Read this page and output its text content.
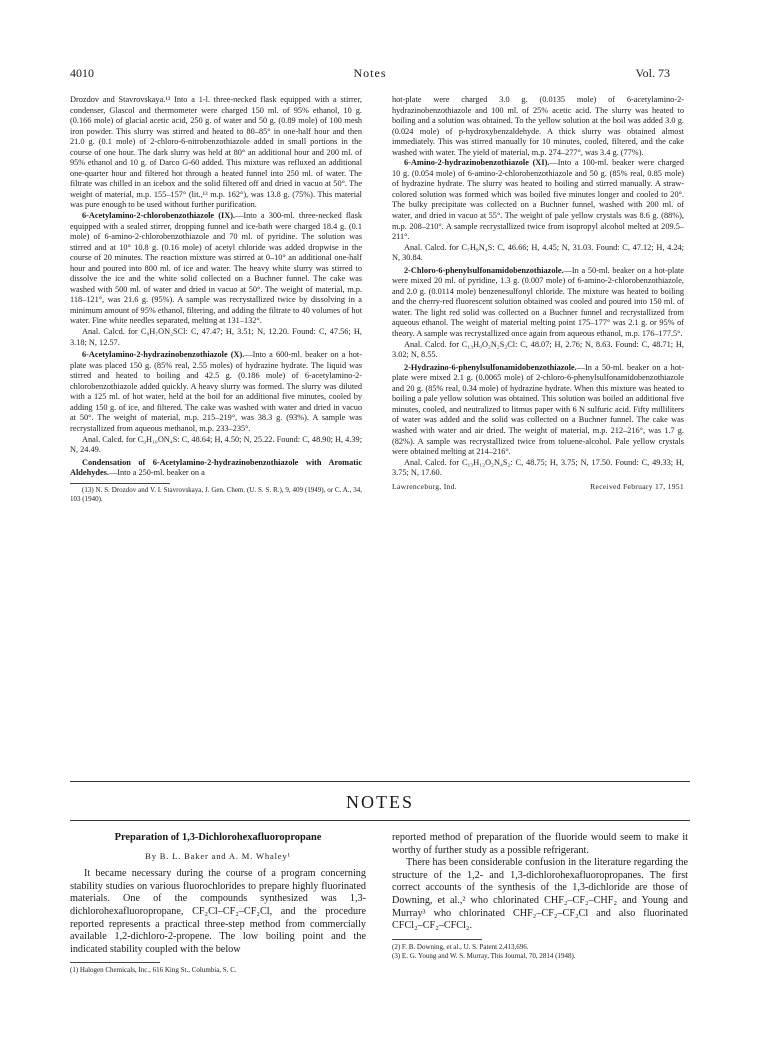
4010	Notes	Vol. 73

Drozdov and Stavrovskaya.¹³ Into a 1-l. three-necked flask equipped with a stirrer, condenser, Glascol and thermometer were charged 150 ml. of 95% ethanol, 10 g. (0.166 mole) of glacial acetic acid, 250 g. of water and 50 g. (0.89 mole) of 100 mesh iron powder. This slurry was stirred and heated to 80–85° in one-half hour and then 21.0 g. (0.1 mole) of 2-chloro-6-nitrobenzothiazole added in small portions in the course of one hour. The dark slurry was held at 80° an additional hour and 200 ml. of 95% ethanol and 10 g. of Darco G-60 added. This mixture was refluxed an additional one-quarter hour and filtered hot through a heated funnel into 250 ml. of water. The filtrate was chilled in an icebox and the solid filtered off and dried in vacuo at 50°. The weight of material, m.p. 155–157° (lit.,¹³ m.p. 162°), was 13.8 g. (75%). This material was pure enough to be used without further purification.

6-Acetylamino-2-chlorobenzothiazole (IX).—Into a 300-ml. three-necked flask equipped with a sealed stirrer, dropping funnel and ice-bath were charged 18.4 g. (0.1 mole) of 6-amino-2-chlorobenzothiazole and 70 ml. of pyridine. The solution was stirred and at 10° 10.8 g. (0.16 mole) of acetyl chloride was added dropwise in the course of 20 minutes. The reaction mixture was stirred at 0–10° an additional one-half hour and poured into 800 ml. of ice and water. The heavy white slurry was stirred to dissolve the ice and the white solid collected on a Buchner funnel. The cake was washed with 500 ml. of water and dried in vacuo at 50°. The weight of material, m.p. 118–121°, was 21.6 g. (95%). A sample was recrystallized twice by dissolving in a minimum amount of 95% ethanol, filtering, and adding the filtrate to 40 volumes of hot water. Fine white needles separated, melting at 131–132°.

Anal. Calcd. for C₉H₇ON₂SCl: C, 47.47; H, 3.51; N, 12.20. Found: C, 47.56; H, 3.18; N, 12.57.

6-Acetylamino-2-hydrazinobenzothiazole (X).—Into a 600-ml. beaker on a hot-plate was placed 150 g. (85% real, 2.55 moles) of hydrazine hydrate. The liquid was stirred and heated to boiling and 42.5 g. (0.186 mole) of 6-acetylamino-2-chlorobenzothiazole added quickly. A heavy slurry was formed. The slurry was diluted with a 125 ml. of hot water, held at the boil for an additional five minutes, cooled by adding 150 g. of ice, and filtered. The cake was washed with water and dried in vacuo at 50°. The weight of material, m.p. 215–219°, was 38.3 g. (93%). A sample was recrystallized from aqueous methanol, m.p. 233–235°.

Anal. Calcd. for C₉H₁₀ON₄S: C, 48.64; H, 4.50; N, 25.22. Found: C, 48.90; H, 4.39; N, 24.49.

Condensation of 6-Acetylamino-2-hydrazinobenzothiazole with Aromatic Aldehydes.—Into a 250-ml. beaker on a

(13) N. S. Drozdov and V. I. Stavrovskaya, J. Gen. Chem. (U. S. S. R.), 9, 409 (1949), or C. A., 34, 103 (1940).

hot-plate were charged 3.0 g. (0.0135 mole) of 6-acetylamino-2-hydrazinobenzothiazole and 100 ml. of 25% acetic acid. The slurry was heated to boiling and a solution was obtained. To the yellow solution at the boil was added 3.0 g. (0.024 mole) of p-hydroxybenzaldehyde. A thick slurry was obtained almost immediately. This was stirred manually for 10 minutes, cooled, filtered, and the cake washed with water. The yield of material, m.p. 274–277°, was 3.4 g. (77%).

6-Amino-2-hydrazinobenzothiazole (XI).—Into a 100-ml. beaker were charged 10 g. (0.054 mole) of 6-amino-2-chlorobenzothiazole and 50 g. (85% real, 0.85 mole) of hydrazine hydrate. The slurry was heated to boiling and stirred manually. A straw-colored solution was formed which was boiled five minutes longer and cooled to 20°. The bulky precipitate was collected on a Buchner funnel, washed with 200 ml. of water, and dried in vacuo at 55°. The weight of pale yellow crystals was 8.6 g. (88%), m.p. 208–210°. A sample recrystallized twice from isopropyl alcohol melted at 209.5–211°.

Anal. Calcd. for C₇H₈N₄S: C, 46.66; H, 4.45; N, 31.03. Found: C, 47.12; H, 4.24; N, 30.84.

2-Chloro-6-phenylsulfonamidobenzothiazole.—In a 50-ml. beaker on a hot-plate were mixed 20 ml. of pyridine, 1.3 g. (0.007 mole) of 6-amino-2-chlorobenzothiazole, and 2.0 g. (0.0114 mole) benzenesulfonyl chloride. The mixture was heated to boiling and the cherry-red fluorescent solution obtained was cooled and poured into 150 ml. of water. The light red solid was collected on a Buchner funnel and recrystallized from aqueous ethanol. The weight of material melting point 175–177° was 2.1 g. or 95% of theory. A sample was recrystallized once again from aqueous ethanol, m.p. 176–177.5°.

Anal. Calcd. for C₁₃H₉O₂N₂S₂Cl: C, 48.07; H, 2.76; N, 8.63. Found: C, 48.71; H, 3.02; N, 8.55.

2-Hydrazino-6-phenylsulfonamidobenzothiazole.—In a 50-ml. beaker on a hot-plate were mixed 2.1 g. (0.0065 mole) of 2-chloro-6-phenylsulfonamidobenzothiazole and 20 g. (85% real, 0.34 mole) of hydrazine hydrate. When this mixture was heated to boiling a pale yellow solution was obtained. This solution was boiled an additional five minutes, cooled, and neutralized to litmus paper with 6 N sulfuric acid. Fifty milliliters of water was added and the solid was collected on a Buchner funnel. The cake was washed with water and air dried. The weight of material, m.p. 212–216°, was 1.7 g. (82%). A sample was recrystallized twice from toluene-alcohol. Pale yellow crystals were obtained melting at 214–216°.

Anal. Calcd. for C₁₃H₁₂O₂N₄S₂: C, 48.75; H, 3.75; N, 17.50. Found: C, 49.33; H, 3.75; N, 17.60.

Lawrenceburg, Ind.	Received February 17, 1951
NOTES
Preparation of 1,3-Dichlorohexafluoropropane
By B. L. Baker and A. M. Whaley¹

It became necessary during the course of a program concerning stability studies on various fluorochlorides to prepare highly fluorinated materials. One of the compounds synthesized was 1,3-dichlorohexafluoropropane, CF₂Cl–CF₂–CF₂Cl, and the procedure reported represents a practical three-step method from commercially available 1,2-dichloro-2-propene. The low boiling point and the indicated stability coupled with the below

(1) Halogen Chemicals, Inc., 616 King St., Columbia, S. C.

reported method of preparation of the fluoride would seem to make it worthy of further study as a possible refrigerant.

There has been considerable confusion in the literature regarding the structure of the 1,2- and 1,3-dichlorohexafluoropropanes. The first correct accounts of the synthesis of the 1,3-dichloride are those of Downing, et al.,² who chlorinated CHF₂–CF₂–CHF₂ and Young and Murray³ who chlorinated CHF₂–CF₂–CF₂Cl and also fluorinated CFCl₂–CF₂–CFCl₂.

(2) F. B. Downing, et al., U. S. Patent 2,413,696.
(3) E. G. Young and W. S. Murray, This Journal, 70, 2814 (1948).
